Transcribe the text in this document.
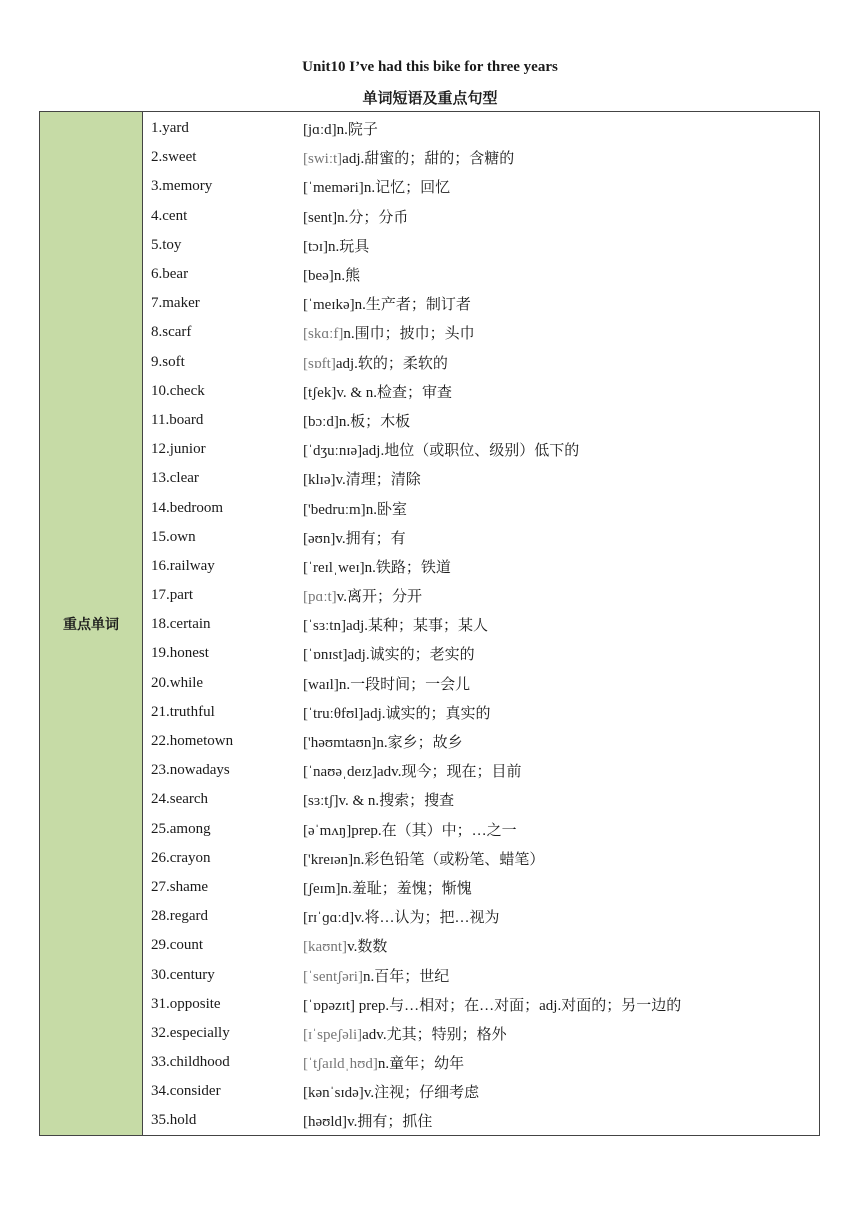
Unit10 I’ve had this bike for three years
单词短语及重点句型
重点单词
1.yard	[jɑːd]n.院子
2.sweet	[swiːt]adj.甜蜜的；甜的；含糖的
3.memory	[ˈmeməri]n.记忆；回忆
4.cent	[sent]n.分；分币
5.toy	[tɔɪ]n.玩具
6.bear	[beə]n.熊
7.maker	[ˈmeɪkə]n.生产者；制订者
8.scarf	[skɑːf]n.围巾；披巾；头巾
9.soft	[sɒft]adj.软的；柔软的
10.check	[tʃek]v. & n.检查；审查
11.board	[bɔːd]n.板；木板
12.junior	[ˈdʒuːnɪə]adj.地位（或职位、级别）低下的
13.clear	[klɪə]v.清理；清除
14.bedroom	['bedruːm]n.卧室
15.own	[əʊn]v.拥有；有
16.railway	[ˈreɪlˌweɪ]n.铁路；铁道
17.part	[pɑːt]v.离开；分开
18.certain	[ˈsɜːtn]adj.某种；某事；某人
19.honest	[ˈɒnɪst]adj.诚实的；老实的
20.while	[waɪl]n.一段时间；一会儿
21.truthful	[ˈtruːθfʊl]adj.诚实的；真实的
22.hometown	['həʊmtaʊn]n.家乡；故乡
23.nowadays	[ˈnaʊəˌdeɪz]adv.现今；现在；目前
24.search	[sɜːtʃ]v. & n.搜索；搜查
25.among	[əˈmʌŋ]prep.在（其）中；…之一
26.crayon	['kreɪən]n.彩色铅笔（或粉笔、蜡笔）
27.shame	[ʃeɪm]n.羞耻；羞愧；惭愧
28.regard	[rɪˈɡɑːd]v.将…认为；把…视为
29.count	[kaʊnt]v.数数
30.century	[ˈsentʃəri]n.百年；世纪
31.opposite	[ˈɒpəzɪt] prep.与…相对；在…对面；adj.对面的；另一边的
32.especially	[ɪˈspeʃəli]adv.尤其；特别；格外
33.childhood	[ˈtʃaɪldˌhʊd]n.童年；幼年
34.consider	[kənˈsɪdə]v.注视；仔细考虑
35.hold	[həʊld]v.拥有；抓住
